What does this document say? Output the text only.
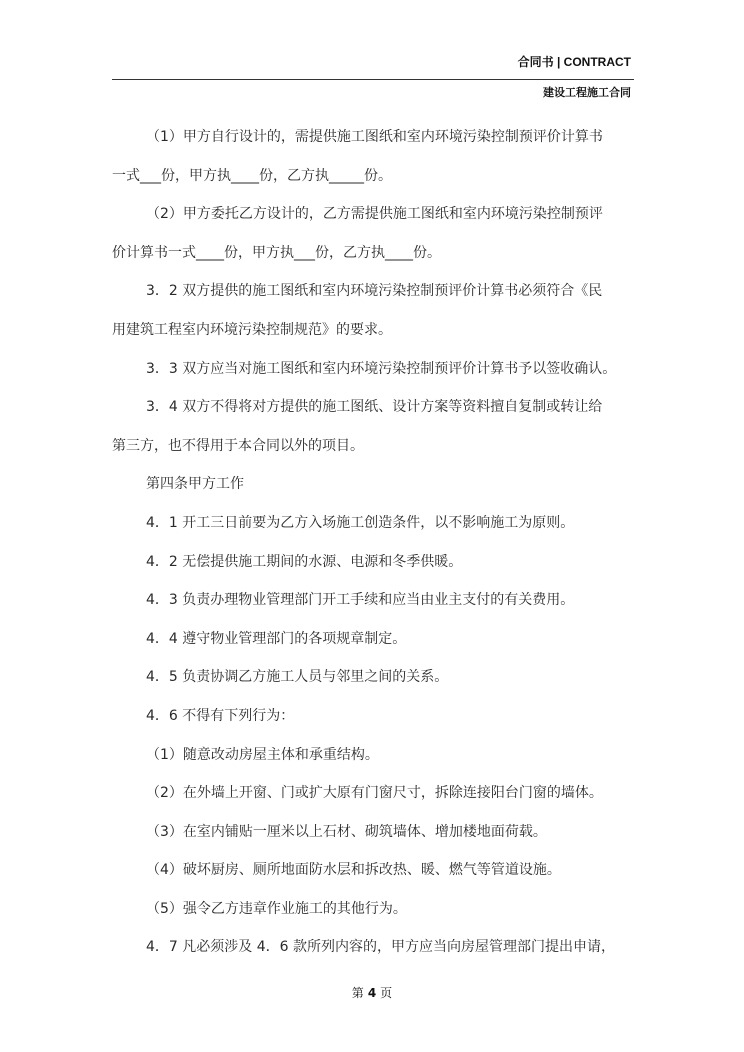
合同书 | CONTRACT
建设工程施工合同

（1）甲方自行设计的，需提供施工图纸和室内环境污染控制预评价计算书

一式___份，甲方执____份，乙方执_____份。

（2）甲方委托乙方设计的，乙方需提供施工图纸和室内环境污染控制预评

价计算书一式____份，甲方执___份，乙方执____份。

3．2 双方提供的施工图纸和室内环境污染控制预评价计算书必须符合《民

用建筑工程室内环境污染控制规范》的要求。

3．3 双方应当对施工图纸和室内环境污染控制预评价计算书予以签收确认。

3．4 双方不得将对方提供的施工图纸、设计方案等资料擅自复制或转让给

第三方，也不得用于本合同以外的项目。

第四条甲方工作

4．1 开工三日前要为乙方入场施工创造条件，以不影响施工为原则。

4．2 无偿提供施工期间的水源、电源和冬季供暖。

4．3 负责办理物业管理部门开工手续和应当由业主支付的有关费用。

4．4 遵守物业管理部门的各项规章制定。

4．5 负责协调乙方施工人员与邻里之间的关系。

4．6 不得有下列行为：

（1）随意改动房屋主体和承重结构。

（2）在外墙上开窗、门或扩大原有门窗尺寸，拆除连接阳台门窗的墙体。

（3）在室内铺贴一厘米以上石材、砌筑墙体、增加楼地面荷载。

（4）破坏厨房、厕所地面防水层和拆改热、暖、燃气等管道设施。

（5）强令乙方违章作业施工的其他行为。

4．7 凡必须涉及 4．6 款所列内容的，甲方应当向房屋管理部门提出申请，

第 4 页
